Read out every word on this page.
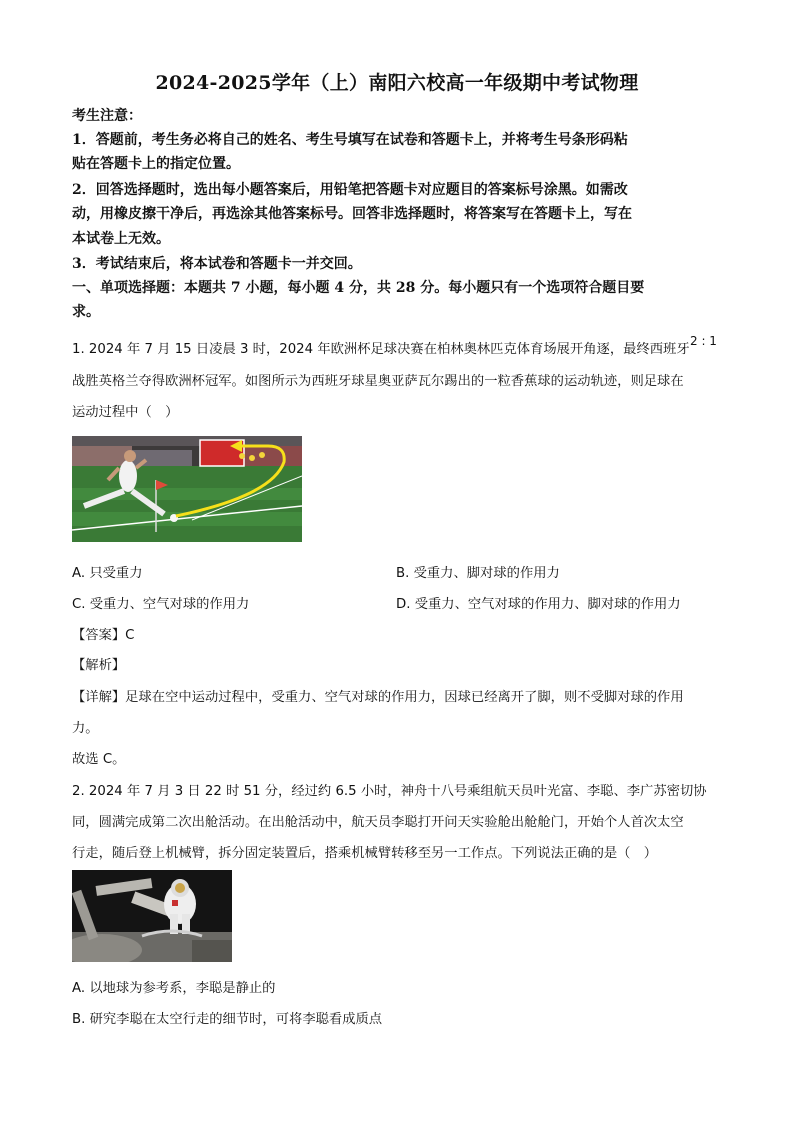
2024-2025学年（上）南阳六校高一年级期中考试物理
考生注意：
1．答题前，考生务必将自己的姓名、考生号填写在试卷和答题卡上，并将考生号条形码粘
贴在答题卡上的指定位置。
2．回答选择题时，选出每小题答案后，用铅笔把答题卡对应题目的答案标号涂黑。如需改
动，用橡皮擦干净后，再选涂其他答案标号。回答非选择题时，将答案写在答题卡上，写在
本试卷上无效。
3．考试结束后，将本试卷和答题卡一并交回。
一、单项选择题：本题共 7 小题，每小题 4 分，共 28 分。每小题只有一个选项符合题目要
求。
1. 2024 年 7 月 15 日凌晨 3 时，2024 年欧洲杯足球决赛在柏林奥林匹克体育场展开角逐，最终西班牙
2 : 1
战胜英格兰夺得欧洲杯冠军。如图所示为西班牙球星奥亚萨瓦尔踢出的一粒香蕉球的运动轨迹，则足球在
运动过程中（　）
A. 只受重力	B. 受重力、脚对球的作用力
C. 受重力、空气对球的作用力	D. 受重力、空气对球的作用力、脚对球的作用力
【答案】C
【解析】
【详解】足球在空中运动过程中，受重力、空气对球的作用力，因球已经离开了脚，则不受脚对球的作用
力。
故选 C。
2. 2024 年 7 月 3 日 22 时 51 分，经过约 6.5 小时，神舟十八号乘组航天员叶光富、李聪、李广苏密切协
同，圆满完成第二次出舱活动。在出舱活动中，航天员李聪打开问天实验舱出舱舱门，开始个人首次太空
行走，随后登上机械臂，拆分固定装置后，搭乘机械臂转移至另一工作点。下列说法正确的是（　）
A. 以地球为参考系，李聪是静止的
B. 研究李聪在太空行走的细节时，可将李聪看成质点
